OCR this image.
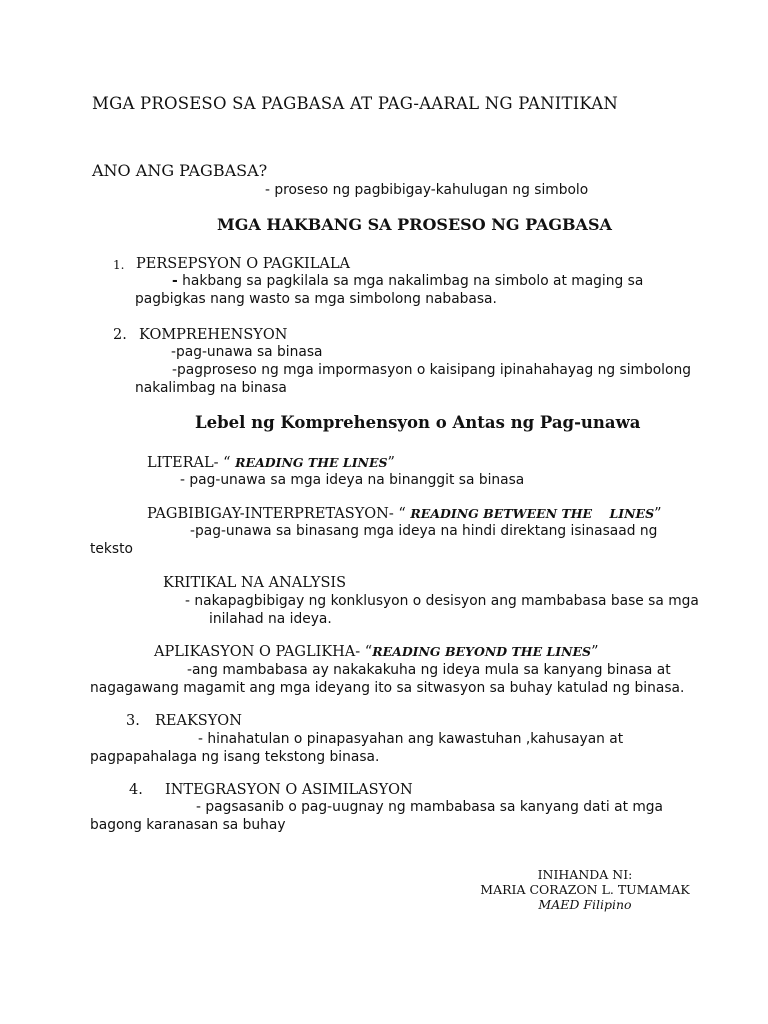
MGA PROSESO SA PAGBASA AT PAG-AARAL NG PANITIKAN
ANO ANG PAGBASA?
- proseso ng pagbibigay-kahulugan ng simbolo
MGA HAKBANG SA PROSESO NG PAGBASA
1. PERSEPSYON O PAGKILALA
- hakbang sa pagkilala sa mga nakalimbag na simbolo at maging sa
pagbigkas nang wasto sa mga simbolong nababasa.
2. KOMPREHENSYON
-pag-unawa sa binasa
-pagproseso ng mga impormasyon o kaisipang ipinahahayag ng simbolong
nakalimbag na binasa
Lebel ng Komprehensyon o Antas ng Pag-unawa
LITERAL- “ READING THE LINES”
- pag-unawa sa mga ideya na binanggit sa binasa
PAGBIBIGAY-INTERPRETASYON- “ READING BETWEEN THE    LINES”
-pag-unawa sa binasang mga ideya na hindi direktang isinasaad ng
teksto
KRITIKAL NA ANALYSIS
- nakapagbibigay ng konklusyon o desisyon ang mambabasa base sa mga
inilahad na ideya.
APLIKASYON O PAGLIKHA- “READING BEYOND THE LINES”
-ang mambabasa ay nakakakuha ng ideya mula sa kanyang binasa at
nagagawang magamit ang mga ideyang ito sa sitwasyon sa buhay katulad ng binasa.
3. REAKSYON
- hinahatulan o pinapasyahan ang kawastuhan ,kahusayan at
pagpapahalaga ng isang tekstong binasa.
4. INTEGRASYON O ASIMILASYON
- pagsasanib o pag-uugnay ng mambabasa sa kanyang dati at mga
bagong karanasan sa buhay
INIHANDA NI:
MARIA CORAZON L. TUMAMAK
MAED Filipino
